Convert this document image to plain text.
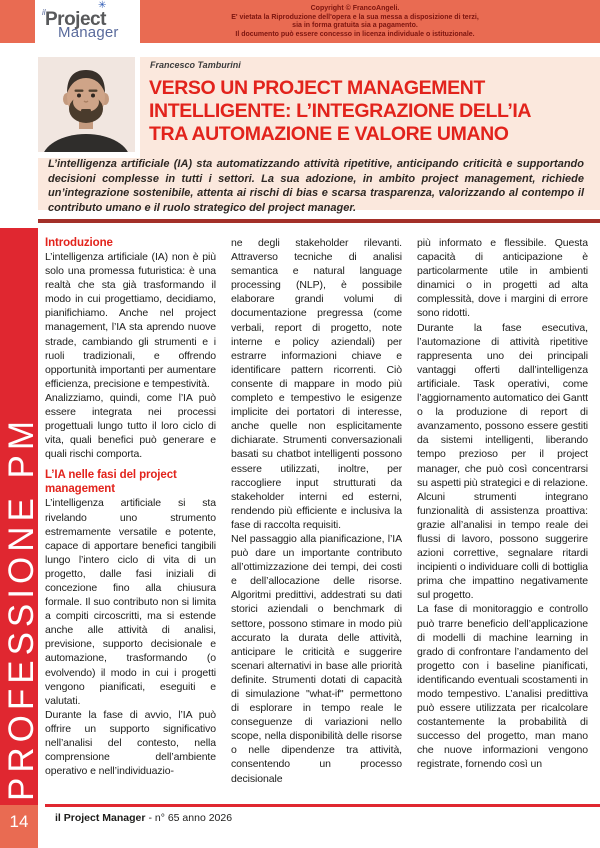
Copyright © FrancoAngeli.
E' vietata la Riproduzione dell'opera e la sua messa a disposizione di terzi,
sia in forma gratuita sia a pagamento.
Il documento può essere concesso in licenza individuale o istituzionale.
il Project
✳
Manager
Francesco Tamburini
VERSO UN PROJECT MANAGEMENT
INTELLIGENTE: L’INTEGRAZIONE DELL’IA
TRA AUTOMAZIONE E VALORE UMANO
L’intelligenza artificiale (IA) sta automatizzando attività ripetitive, anticipando criticità e supportando decisioni complesse in tutti i settori. La sua adozione, in ambito project management, richiede un’integrazione sostenibile, attenta ai rischi di bias e scarsa trasparenza, valorizzando al contempo il contributo umano e il ruolo strategico del project manager.
PROFESSIONE PM
14
Introduzione

L’intelligenza artificiale (IA) non è più solo una promessa futuristica: è una realtà che sta già trasformando il modo in cui progettiamo, decidiamo, pianifichiamo. Anche nel project management, l’IA sta aprendo nuove strade, cambiando gli strumenti e i ruoli tradizionali, e offrendo opportunità importanti per aumentare efficienza, precisione e tempestività.

Analizziamo, quindi, come l’IA può essere integrata nei processi progettuali lungo tutto il loro ciclo di vita, quali benefici può generare e quali rischi comporta.

L’IA nelle fasi del project management

L’intelligenza artificiale si sta rivelando uno strumento estremamente versatile e potente, capace di apportare benefici tangibili lungo l’intero ciclo di vita di un progetto, dalle fasi iniziali di concezione fino alla chiusura formale. Il suo contributo non si limita a compiti circoscritti, ma si estende anche alle attività di analisi, previsione, supporto decisionale e automazione, trasformando (o evolvendo) il modo in cui i progetti vengono pianificati, eseguiti e valutati.

Durante la fase di avvio, l’IA può offrire un supporto significativo nell’analisi del contesto, nella comprensione dell’ambiente operativo e nell’individuazio-

ne degli stakeholder rilevanti. Attraverso tecniche di analisi semantica e natural language processing (NLP), è possibile elaborare grandi volumi di documentazione pregressa (come verbali, report di progetto, note interne e policy aziendali) per estrarre informazioni chiave e identificare pattern ricorrenti. Ciò consente di mappare in modo più completo e tempestivo le esigenze implicite dei portatori di interesse, anche quelle non esplicitamente dichiarate. Strumenti conversazionali basati su chatbot intelligenti possono essere utilizzati, inoltre, per raccogliere input strutturati da stakeholder interni ed esterni, rendendo più efficiente e inclusiva la fase di raccolta requisiti.

Nel passaggio alla pianificazione, l’IA può dare un importante contributo all’ottimizzazione dei tempi, dei costi e dell’allocazione delle risorse. Algoritmi predittivi, addestrati su dati storici aziendali o benchmark di settore, possono stimare in modo più accurato la durata delle attività, anticipare le criticità e suggerire scenari alternativi in base alle priorità definite. Strumenti dotati di capacità di simulazione "what-if" permettono di esplorare in tempo reale le conseguenze di variazioni nello scope, nella disponibilità delle risorse o nelle dipendenze tra attività, consentendo un processo decisionale

più informato e flessibile. Questa capacità di anticipazione è particolarmente utile in ambienti dinamici o in progetti ad alta complessità, dove i margini di errore sono ridotti.

Durante la fase esecutiva, l’automazione di attività ripetitive rappresenta uno dei principali vantaggi offerti dall’intelligenza artificiale. Task operativi, come l’aggiornamento automatico dei Gantt o la produzione di report di avanzamento, possono essere gestiti da sistemi intelligenti, liberando tempo prezioso per il project manager, che può così concentrarsi su aspetti più strategici e di relazione. Alcuni strumenti integrano funzionalità di assistenza proattiva: grazie all’analisi in tempo reale dei flussi di lavoro, possono suggerire azioni correttive, segnalare ritardi incipienti o individuare colli di bottiglia prima che impattino negativamente sul progetto.

La fase di monitoraggio e controllo può trarre beneficio dell’applicazione di modelli di machine learning in grado di confrontare l’andamento del progetto con i baseline pianificati, identificando eventuali scostamenti in modo tempestivo. L’analisi predittiva può essere utilizzata per ricalcolare costantemente la probabilità di successo del progetto, man mano che nuove informazioni vengono registrate, fornendo così un

il Project Manager - n° 65 anno 2026
